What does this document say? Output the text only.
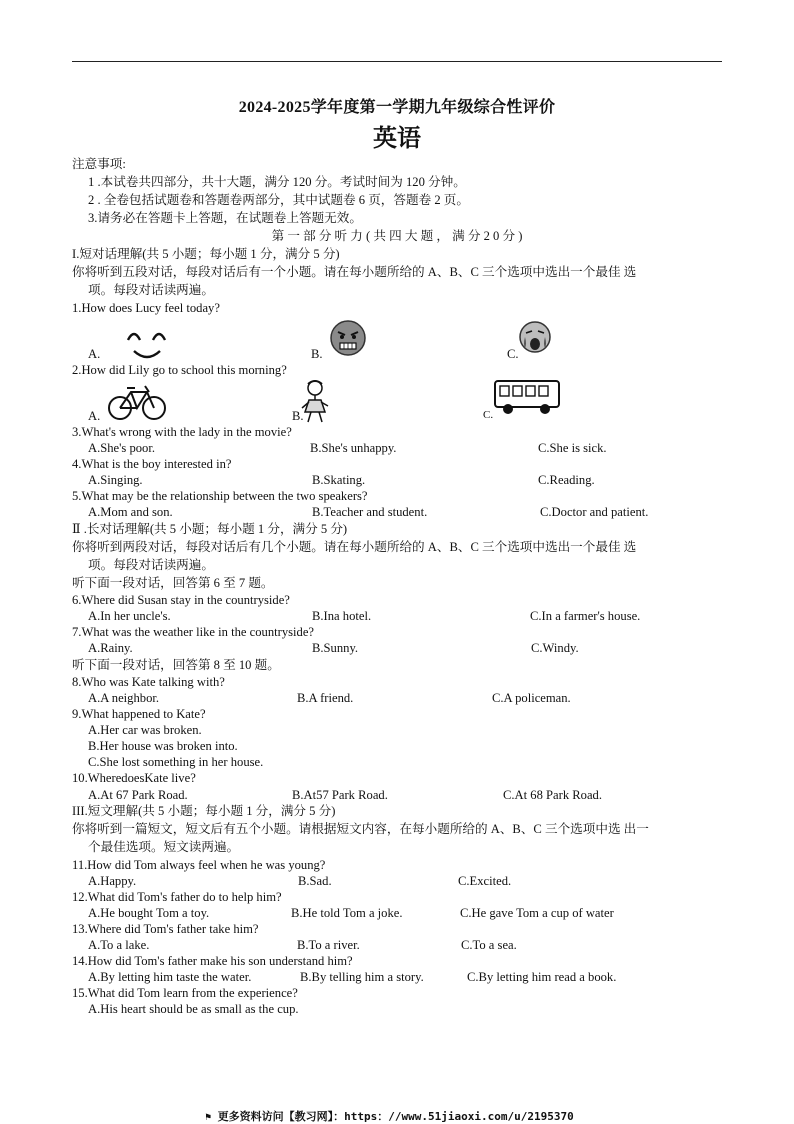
2024-2025学年度第一学期九年级综合性评价
英语
注意事项:
1 .本试卷共四部分，共十大题，满分 120 分。考试时间为 120 分钟。
2 . 全卷包括试题卷和答题卷两部分，其中试题卷 6 页，答题卷 2 页。
3.请务必在答题卡上答题，在试题卷上答题无效。
第 一 部 分 听 力 ( 共 四 大 题 ， 满 分 2 0 分 )
I.短对话理解(共 5 小题；每小题 1 分，满分 5 分)
你将听到五段对话，每段对话后有一个小题。请在每小题所给的 A、B、C 三个选项中选出一个最佳 选
项。每段对话读两遍。
1.How does Lucy feel today?
A.	B.	C.
2.How did Lily go to school this morning?
A.	B.	C.
3.What's wrong with the lady in the movie?
A.She's poor.	B.She's unhappy.	C.She is sick.
4.What is the boy interested in?
A.Singing.	B.Skating.	C.Reading.
5.What may be the relationship between the two speakers?
A.Mom and son.	B.Teacher and student.	C.Doctor and patient.
Ⅱ .长对话理解(共 5 小题；每小题 1 分，满分 5 分)
你将听到两段对话，每段对话后有几个小题。请在每小题所给的 A、B、C 三个选项中选出一个最佳 选
项。每段对话读两遍。
听下面一段对话，回答第 6 至 7 题。
6.Where did Susan stay in the countryside?
A.In her uncle's.	B.Ina hotel.	C.In a farmer's house.
7.What was the weather like in the countryside?
A.Rainy.	B.Sunny.	C.Windy.
听下面一段对话，回答第 8 至 10 题。
8.Who was Kate talking with?
A.A neighbor.	B.A friend.	C.A policeman.
9.What happened to Kate?
A.Her car was broken.
B.Her house was broken into.
C.She lost something in her house.
10.WheredoesKate live?
A.At 67 Park Road.	B.At57 Park Road.	C.At 68 Park Road.
III.短文理解(共 5 小题；每小题 1 分，满分 5 分)
你将听到一篇短文，短文后有五个小题。请根据短文内容，在每小题所给的 A、B、C 三个选项中选 出一
个最佳选项。短文读两遍。
11.How did Tom always feel when he was young?
A.Happy.	B.Sad.	C.Excited.
12.What did Tom's father do to help him?
A.He bought Tom a toy.	B.He told Tom a joke.	C.He gave Tom a cup of water
13.Where did Tom's father take him?
A.To a lake.	B.To a river.	C.To a sea.
14.How did Tom's father make his son understand him?
A.By letting him taste the water.	B.By telling him a story.	C.By letting him read a book.
15.What did Tom learn from the experience?
A.His heart should be as small as the cup.
⚑ 更多资料访问【教习网】：https：//www.51jiaoxi.com/u/2195370
